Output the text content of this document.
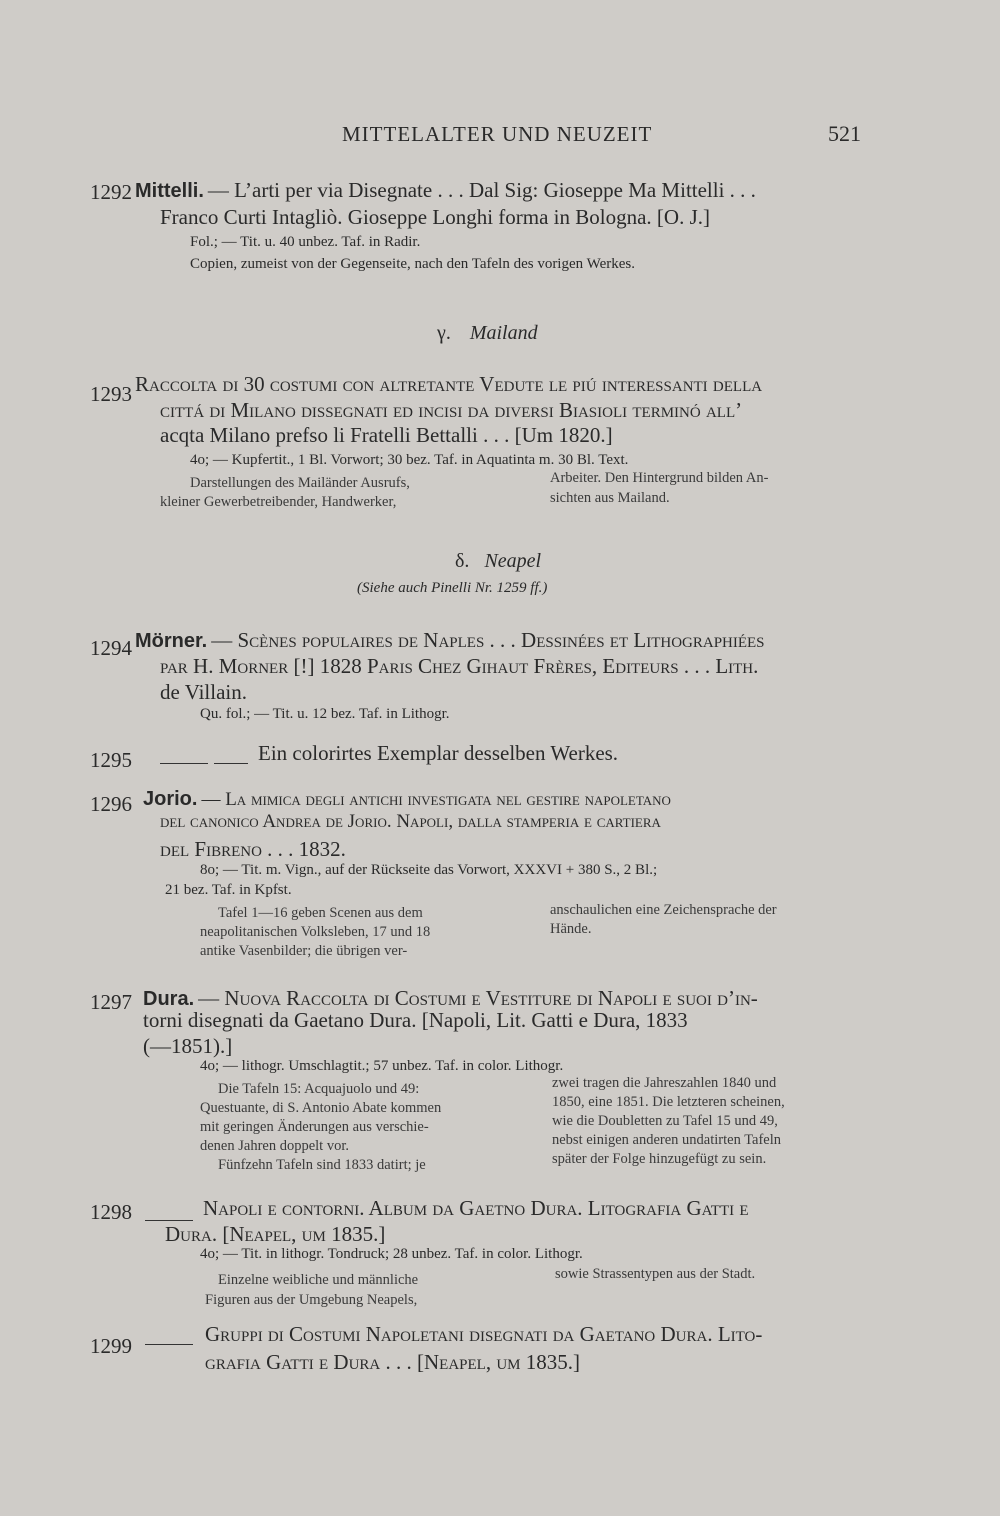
MITTELALTER UND NEUZEIT	521
1292 Mittelli. — L’arti per via Disegnate . . . Dal Sig: Gioseppe Ma Mittelli . . .
Franco Curti Intagliò. Gioseppe Longhi forma in Bologna. [O. J.]
Fol.; — Tit. u. 40 unbez. Taf. in Radir.
Copien, zumeist von der Gegenseite, nach den Tafeln des vorigen Werkes.
γ. Mailand
1293 Raccolta di 30 costumi con altretante Vedute le piú interessanti della
cittá di Milano dissegnati ed incisi da diversi Biasioli terminó all’
acqta Milano prefso li Fratelli Bettalli . . . [Um 1820.]
4o; — Kupfertit., 1 Bl. Vorwort; 30 bez. Taf. in Aquatinta m. 30 Bl. Text.
Darstellungen des Mailänder Ausrufs,
kleiner Gewerbetreibender, Handwerker,
Arbeiter. Den Hintergrund bilden An-
sichten aus Mailand.
δ. Neapel
(Siehe auch Pinelli Nr. 1259 ff.)
1294 Mörner. — Scènes populaires de Naples . . . Dessinées et Lithographiées
par H. Morner [!] 1828 Paris Chez Gihaut Frères, Editeurs . . . Lith.
de Villain.
Qu. fol.; — Tit. u. 12 bez. Taf. in Lithogr.
1295	Ein colorirtes Exemplar desselben Werkes.
1296 Jorio. — La mimica degli antichi investigata nel gestire napoletano
del canonico Andrea de Jorio. Napoli, dalla stamperia e cartiera
del Fibreno . . . 1832.
8o; — Tit. m. Vign., auf der Rückseite das Vorwort, XXXVI + 380 S., 2 Bl.;
21 bez. Taf. in Kpfst.
Tafel 1—16 geben Scenen aus dem
neapolitanischen Volksleben, 17 und 18
antike Vasenbilder; die übrigen ver-
anschaulichen eine Zeichensprache der
Hände.
1297 Dura. — Nuova Raccolta di Costumi e Vestiture di Napoli e suoi d’in-
torni disegnati da Gaetano Dura. [Napoli, Lit. Gatti e Dura, 1833
(—1851).]
4o; — lithogr. Umschlagtit.; 57 unbez. Taf. in color. Lithogr.
Die Tafeln 15: Acquajuolo und 49:
Questuante, di S. Antonio Abate kommen
mit geringen Änderungen aus verschie-
denen Jahren doppelt vor.
Fünfzehn Tafeln sind 1833 datirt; je
zwei tragen die Jahreszahlen 1840 und
1850, eine 1851. Die letzteren scheinen,
wie die Doubletten zu Tafel 15 und 49,
nebst einigen anderen undatirten Tafeln
später der Folge hinzugefügt zu sein.
1298	Napoli e contorni. Album da Gaetno Dura. Litografia Gatti e
Dura. [Neapel, um 1835.]
4o; — Tit. in lithogr. Tondruck; 28 unbez. Taf. in color. Lithogr.
Einzelne weibliche und männliche
Figuren aus der Umgebung Neapels,
sowie Strassentypen aus der Stadt.
1299	Gruppi di Costumi Napoletani disegnati da Gaetano Dura. Lito-
grafia Gatti e Dura . . . [Neapel, um 1835.]
